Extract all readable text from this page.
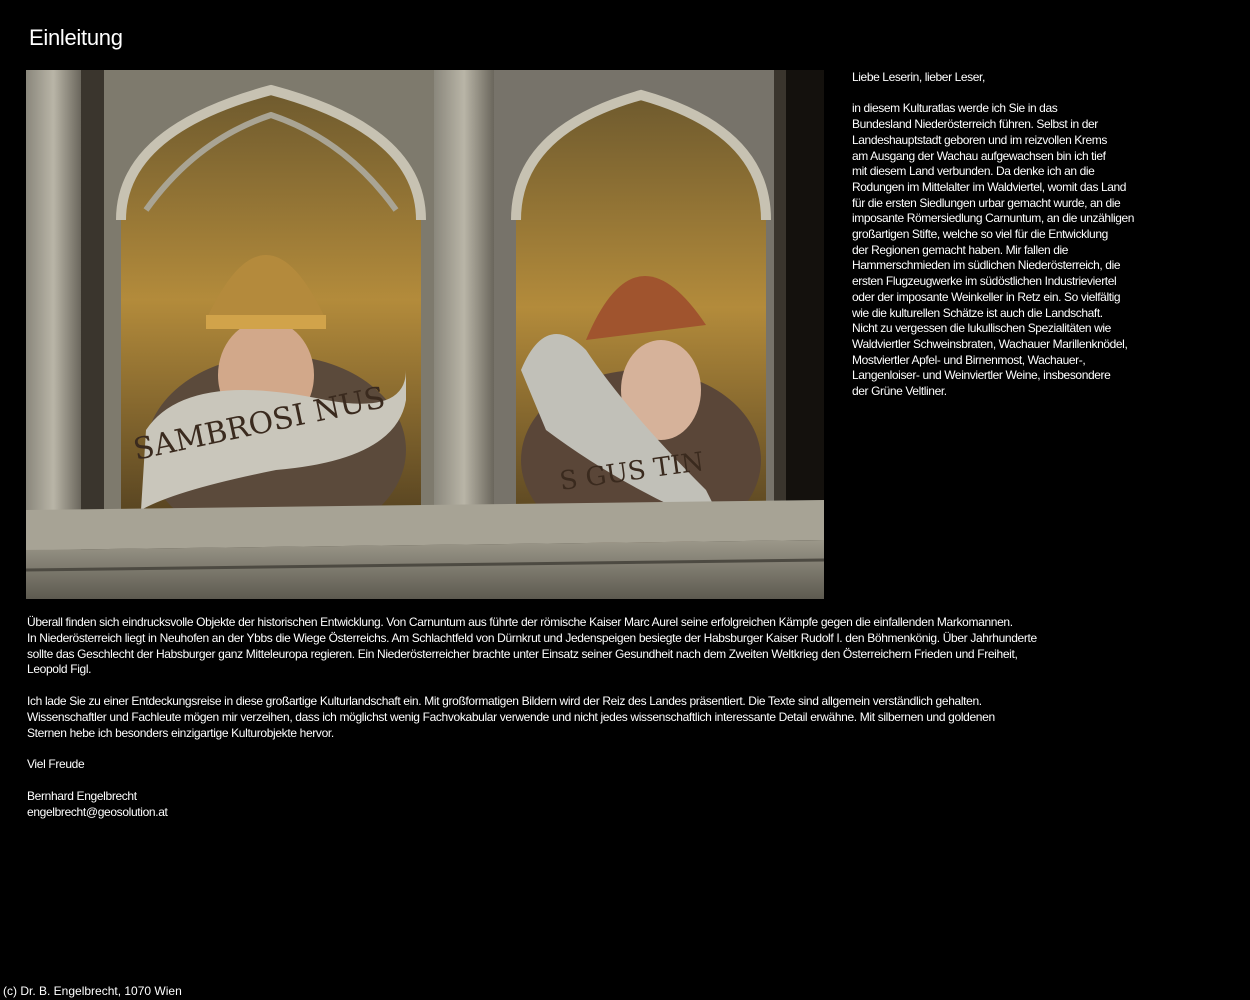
Einleitung
SAMBROSI NUS
S GUS TIN

Liebe Leserin, lieber Leser,

in diesem Kulturatlas werde ich Sie in das
Bundesland Niederösterreich führen. Selbst in der
Landeshauptstadt geboren und im reizvollen Krems
am Ausgang der Wachau aufgewachsen bin ich tief
mit diesem Land verbunden. Da denke ich an die
Rodungen im Mittelalter im Waldviertel, womit das Land
für die ersten Siedlungen urbar gemacht wurde, an die
imposante Römersiedlung Carnuntum, an die unzähligen
großartigen Stifte, welche so viel für die Entwicklung
der Regionen gemacht haben. Mir fallen die
Hammerschmieden im südlichen Niederösterreich, die
ersten Flugzeugwerke im südöstlichen Industrieviertel
oder der imposante Weinkeller in Retz ein. So vielfältig
wie die kulturellen Schätze ist auch die Landschaft.
Nicht zu vergessen die lukullischen Spezialitäten wie
Waldviertler Schweinsbraten, Wachauer Marillenknödel,
Mostviertler Apfel- und Birnenmost, Wachauer-,
Langenloiser- und Weinviertler Weine, insbesondere
der Grüne Veltliner.

Überall finden sich eindrucksvolle Objekte der historischen Entwicklung. Von Carnuntum aus führte der römische Kaiser Marc Aurel seine erfolgreichen Kämpfe gegen die einfallenden Markomannen.
In Niederösterreich liegt in Neuhofen an der Ybbs die Wiege Österreichs. Am Schlachtfeld von Dürnkrut und Jedenspeigen besiegte der Habsburger Kaiser Rudolf I. den Böhmenkönig. Über Jahrhunderte
sollte das Geschlecht der Habsburger ganz Mitteleuropa regieren. Ein Niederösterreicher brachte unter Einsatz seiner Gesundheit nach dem Zweiten Weltkrieg den Österreichern Frieden und Freiheit,
Leopold Figl.

Ich lade Sie zu einer Entdeckungsreise in diese großartige Kulturlandschaft ein. Mit großformatigen Bildern wird der Reiz des Landes präsentiert. Die Texte sind allgemein verständlich gehalten.
Wissenschaftler und Fachleute mögen mir verzeihen, dass ich möglichst wenig Fachvokabular verwende und nicht jedes wissenschaftlich interessante Detail erwähne. Mit silbernen und goldenen
Sternen hebe ich besonders einzigartige Kulturobjekte hervor.

Viel Freude

Bernhard Engelbrecht
engelbrecht@geosolution.at

(c) Dr. B. Engelbrecht, 1070 Wien
